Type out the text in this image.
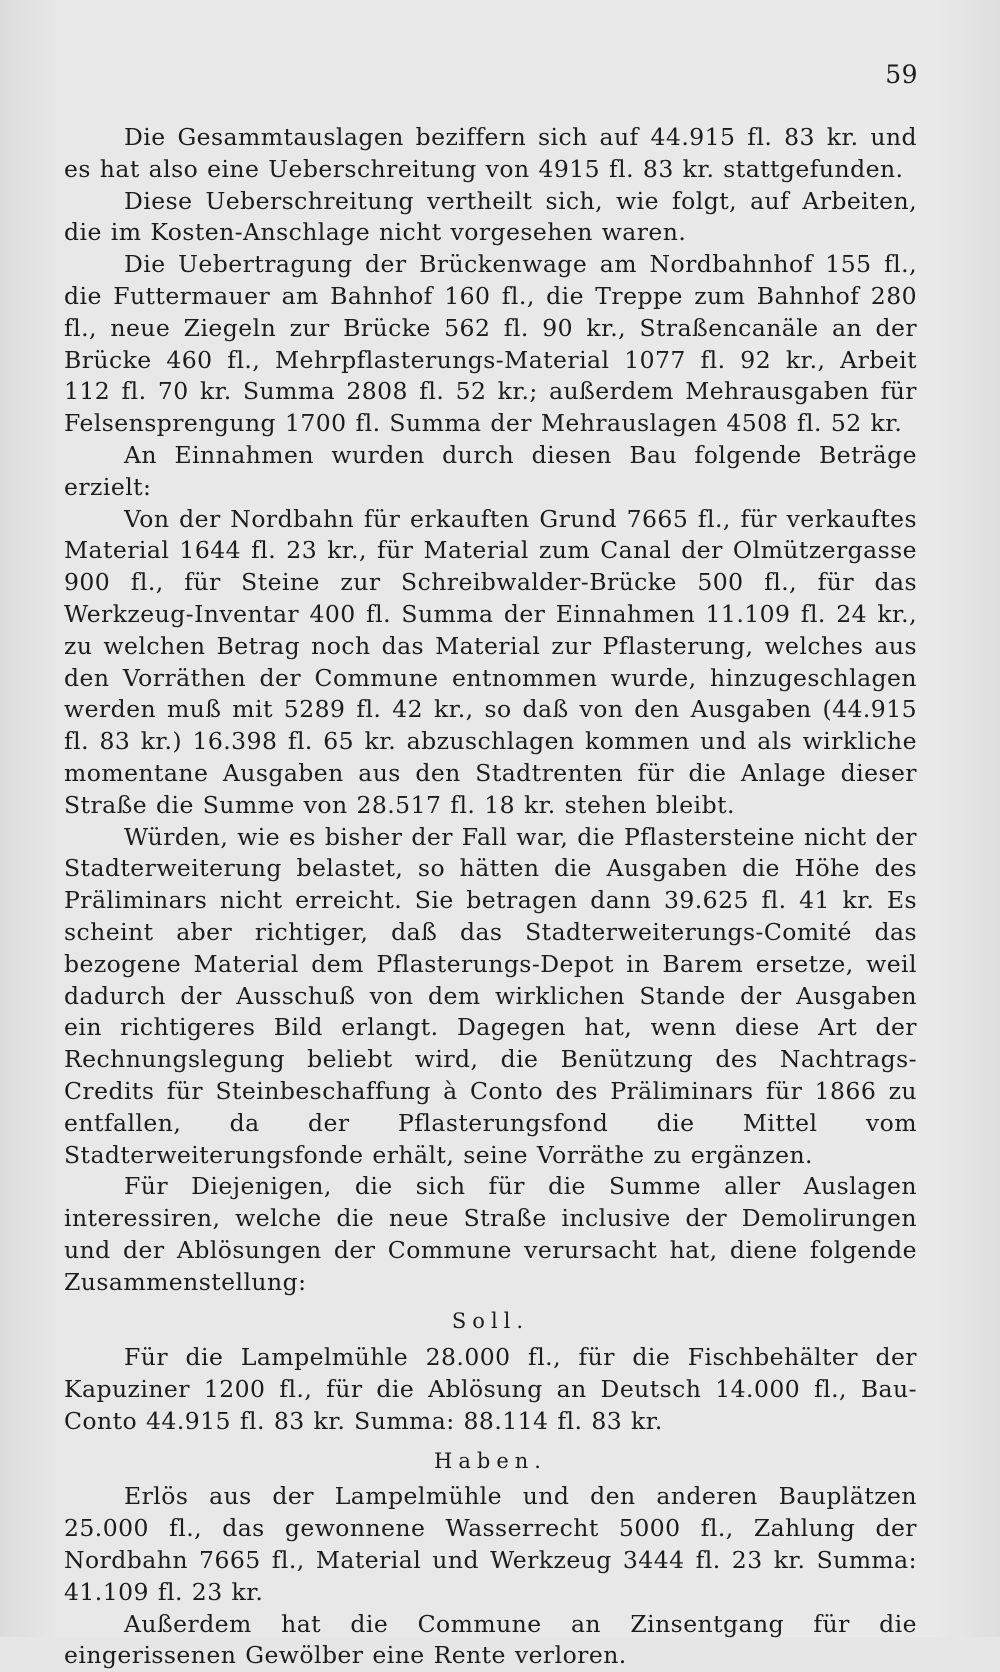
59

Die Gesammtauslagen beziffern sich auf 44.915 fl. 83 kr. und es hat also eine Ueberschreitung von 4915 fl. 83 kr. stattgefunden.

Diese Ueberschreitung vertheilt sich, wie folgt, auf Arbeiten, die im Kosten-Anschlage nicht vorgesehen waren.

Die Uebertragung der Brückenwage am Nordbahnhof 155 fl., die Futtermauer am Bahnhof 160 fl., die Treppe zum Bahnhof 280 fl., neue Ziegeln zur Brücke 562 fl. 90 kr., Straßencanäle an der Brücke 460 fl., Mehrpflasterungs-Material 1077 fl. 92 kr., Arbeit 112 fl. 70 kr. Summa 2808 fl. 52 kr.; außerdem Mehrausgaben für Felsensprengung 1700 fl. Summa der Mehrauslagen 4508 fl. 52 kr.

An Einnahmen wurden durch diesen Bau folgende Beträge erzielt:

Von der Nordbahn für erkauften Grund 7665 fl., für verkauftes Material 1644 fl. 23 kr., für Material zum Canal der Olmützergasse 900 fl., für Steine zur Schreibwalder-Brücke 500 fl., für das Werkzeug-Inventar 400 fl. Summa der Einnahmen 11.109 fl. 24 kr., zu welchen Betrag noch das Material zur Pflasterung, welches aus den Vorräthen der Commune entnommen wurde, hinzugeschlagen werden muß mit 5289 fl. 42 kr., so daß von den Ausgaben (44.915 fl. 83 kr.) 16.398 fl. 65 kr. abzuschlagen kommen und als wirkliche momentane Ausgaben aus den Stadtrenten für die Anlage dieser Straße die Summe von 28.517 fl. 18 kr. stehen bleibt.

Würden, wie es bisher der Fall war, die Pflastersteine nicht der Stadterweiterung belastet, so hätten die Ausgaben die Höhe des Präliminars nicht erreicht. Sie betragen dann 39.625 fl. 41 kr. Es scheint aber richtiger, daß das Stadterweiterungs-Comité das bezogene Material dem Pflasterungs-Depot in Barem ersetze, weil dadurch der Ausschuß von dem wirklichen Stande der Ausgaben ein richtigeres Bild erlangt. Dagegen hat, wenn diese Art der Rechnungslegung beliebt wird, die Benützung des Nachtrags-Credits für Steinbeschaffung à Conto des Präliminars für 1866 zu entfallen, da der Pflasterungsfond die Mittel vom Stadterweiterungsfonde erhält, seine Vorräthe zu ergänzen.

Für Diejenigen, die sich für die Summe aller Auslagen interessiren, welche die neue Straße inclusive der Demolirungen und der Ablösungen der Commune verursacht hat, diene folgende Zusammenstellung:

Soll.

Für die Lampelmühle 28.000 fl., für die Fischbehälter der Kapuziner 1200 fl., für die Ablösung an Deutsch 14.000 fl., Bau-Conto 44.915 fl. 83 kr. Summa: 88.114 fl. 83 kr.

Haben.

Erlös aus der Lampelmühle und den anderen Bauplätzen 25.000 fl., das gewonnene Wasserrecht 5000 fl., Zahlung der Nordbahn 7665 fl., Material und Werkzeug 3444 fl. 23 kr. Summa: 41.109 fl. 23 kr.

Außerdem hat die Commune an Zinsentgang für die eingerissenen Gewölber eine Rente verloren.
